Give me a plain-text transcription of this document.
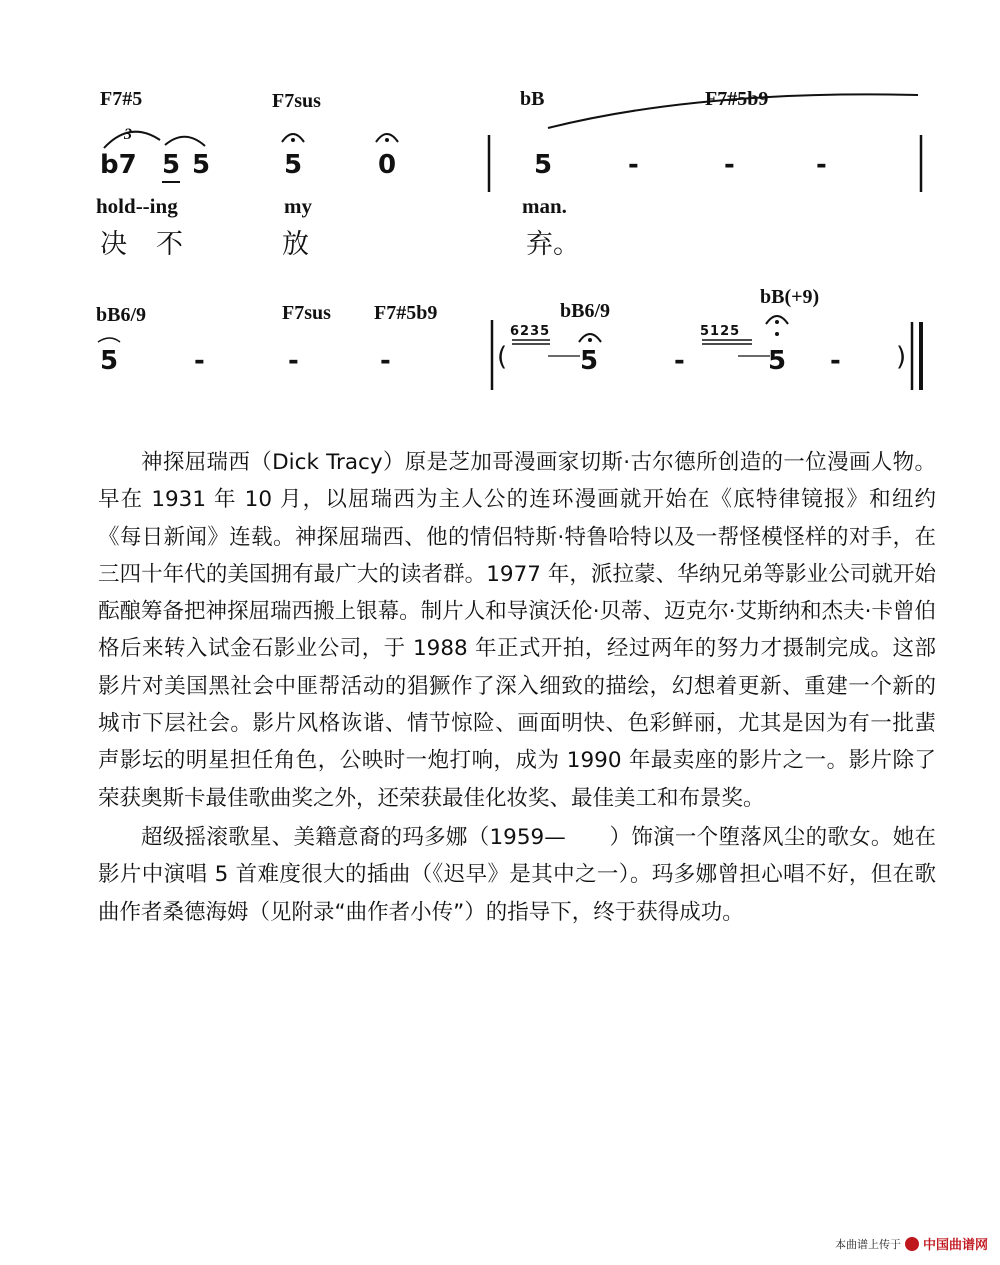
F7#5	F7sus	bB	F7#5b9
3
b7 5 5	5	0	5	-	-	-
hold--ing	my	man.
决 不	放	弃。
bB6/9	F7sus F7#5b9	bB6/9
bB(+9)
6235	5125
5	-	-	-	(	5	-	5 - )

神探屈瑞西（Dick Tracy）原是芝加哥漫画家切斯·古尔德所创造的一位漫画人物。早在 1931 年 10 月，以屈瑞西为主人公的连环漫画就开始在《底特律镜报》和纽约《每日新闻》连载。神探屈瑞西、他的情侣特斯·特鲁哈特以及一帮怪模怪样的对手，在三四十年代的美国拥有最广大的读者群。1977 年，派拉蒙、华纳兄弟等影业公司就开始酝酿筹备把神探屈瑞西搬上银幕。制片人和导演沃伦·贝蒂、迈克尔·艾斯纳和杰夫·卡曾伯格后来转入试金石影业公司，于 1988 年正式开拍，经过两年的努力才摄制完成。这部影片对美国黑社会中匪帮活动的猖獗作了深入细致的描绘，幻想着更新、重建一个新的城市下层社会。影片风格诙谐、情节惊险、画面明快、色彩鲜丽，尤其是因为有一批蜚声影坛的明星担任角色，公映时一炮打响，成为 1990 年最卖座的影片之一。影片除了荣获奥斯卡最佳歌曲奖之外，还荣获最佳化妆奖、最佳美工和布景奖。

超级摇滚歌星、美籍意裔的玛多娜（1959—　　）饰演一个堕落风尘的歌女。她在影片中演唱 5 首难度很大的插曲（《迟早》是其中之一）。玛多娜曾担心唱不好，但在歌曲作者桑德海姆（见附录“曲作者小传”）的指导下，终于获得成功。

本曲谱上传于 中国曲谱网
